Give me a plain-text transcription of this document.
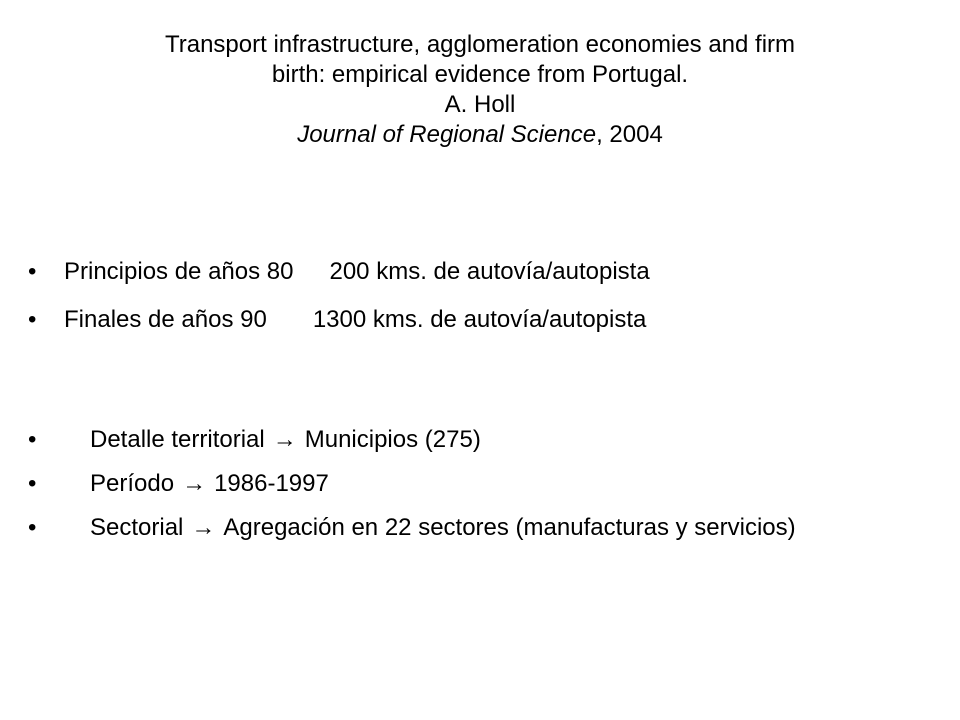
Transport infrastructure, agglomeration economies and firm
birth: empirical evidence from Portugal.
A. Holl
Journal of Regional Science, 2004
• Principios de años 80 200 kms. de autovía/autopista
• Finales de años 90 1300 kms. de autovía/autopista
• Detalle territorial → Municipios (275)
• Período → 1986-1997
• Sectorial → Agregación en 22 sectores (manufacturas y servicios)
